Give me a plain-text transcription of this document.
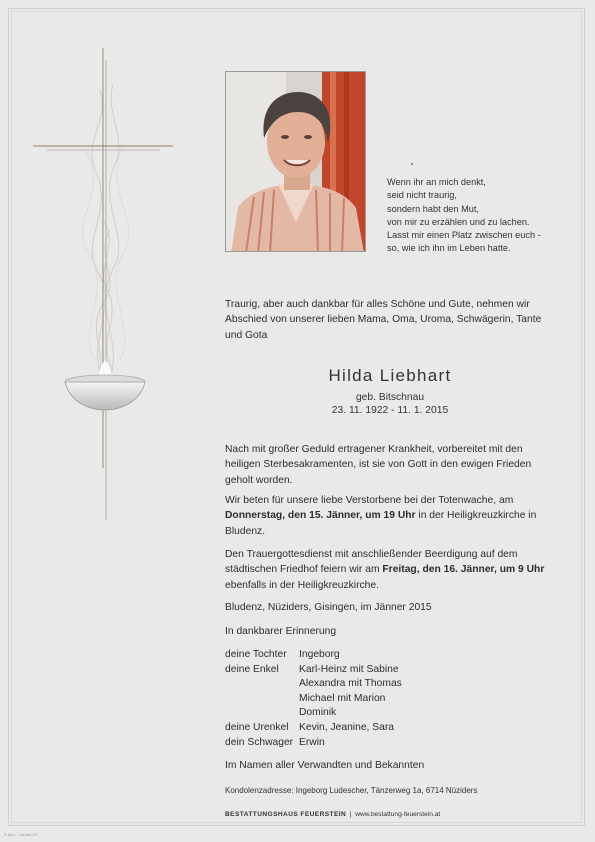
Wenn ihr an mich denkt,
seid nicht traurig,
sondern habt den Mut,
von mir zu erzählen und zu lachen.
Lasst mir einen Platz zwischen euch -
so, wie ich ihn im Leben hatte.
Traurig, aber auch dankbar für alles Schöne und Gute, nehmen wir Abschied von unserer lieben Mama, Oma, Uroma, Schwägerin, Tante und Gota
Hilda Liebhart
geb. Bitschnau
23. 11. 1922 - 11. 1. 2015
Nach mit großer Geduld ertragener Krankheit, vorbereitet mit den heiligen Sterbesakramenten, ist sie von Gott in den ewigen Frieden geholt worden.
Wir beten für unsere liebe Verstorbene bei der Totenwache, am
Donnerstag, den 15. Jänner, um 19 Uhr in der Heiligkreuzkirche in Bludenz.
Den Trauergottesdienst mit anschließender Beerdigung auf dem städtischen Friedhof feiern wir am Freitag, den 16. Jänner, um 9 Uhr ebenfalls in der Heiligkreuzkirche.
Bludenz, Nüziders, Gisingen, im Jänner 2015
In dankbarer Erinnerung
deine Tochter	Ingeborg
deine Enkel	Karl-Heinz mit Sabine
Alexandra mit Thomas
Michael mit Marion
Dominik
deine Urenkel	Kevin, Jeanine, Sara
dein Schwager Erwin
Im Namen aller Verwandten und Bekannten
Kondolenzadresse: Ingeborg Ludescher, Tänzerweg 1a, 6714 Nüziders
BESTATTUNGSHAUS FEUERSTEIN | www.bestattung-feuerstein.at
© by t. · Jomes 1.5
